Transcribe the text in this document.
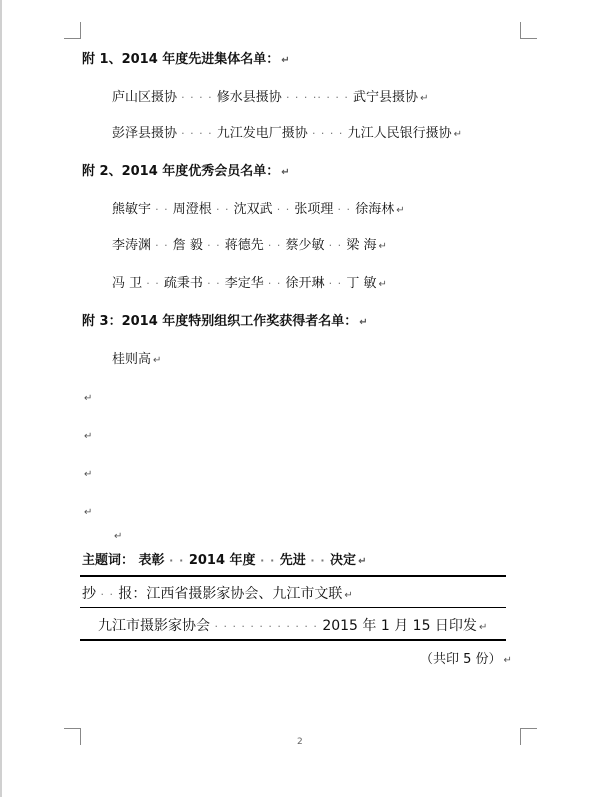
附 1、2014 年度先进集体名单： ↵
庐山区摄协 · · · · 修水县摄协 · · · ·· · · · 武宁县摄协 ↵
彭泽县摄协 · · · · 九江发电厂摄协 · · · · 九江人民银行摄协 ↵
附 2、2014 年度优秀会员名单： ↵
熊敏宇 · · 周澄根 · · 沈双武 · · 张项理 · · 徐海林 ↵
李涛渊 · · 詹 毅 · · 蒋德先 · · 蔡少敏 · · 梁 海 ↵
冯 卫 · · 疏秉书 · · 李定华 · · 徐开琳 · · 丁 敏 ↵
附 3：2014 年度特别组织工作奖获得者名单： ↵
桂则高 ↵
↵
↵
↵
↵
↵
主题词： 表彰 · · 2014 年度 · · 先进 · · 决定 ↵
抄 · · 报：江西省摄影家协会、九江市文联 ↵
九江市摄影家协会 · · · · · · · · · · · · 2015 年 1 月 15 日印发 ↵
（共印 5 份） ↵
2
